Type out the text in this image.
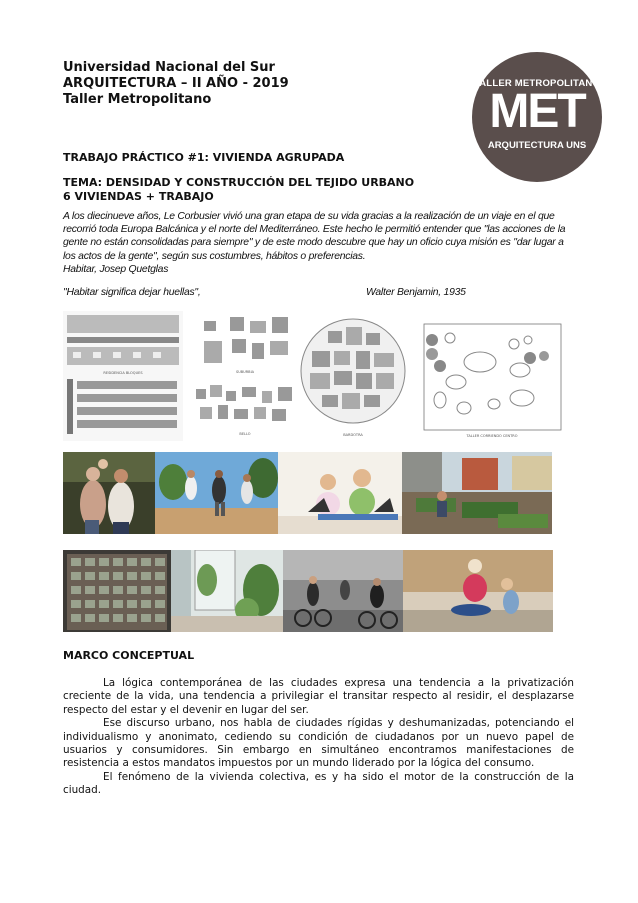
Universidad Nacional del Sur
ARQUITECTURA – II AÑO - 2019
Taller Metropolitano
TALLER METROPOLITANO
MET
ARQUITECTURA UNS
TRABAJO PRÁCTICO #1: VIVIENDA AGRUPADA
TEMA: DENSIDAD Y CONSTRUCCIÓN DEL TEJIDO URBANO
6 VIVIENDAS + TRABAJO
A los diecinueve años, Le Corbusier vivió una gran etapa de su vida gracias a la realización de un viaje en el que recorrió toda Europa Balcánica y el norte del Mediterráneo. Este hecho le permitió entender que "las acciones de la gente no están consolidadas para siempre" y de este modo descubre que hay un oficio cuya misión es "dar lugar a los actos de la gente", según sus costumbres, hábitos o preferencias.
Habitar, Josep Quetglas
"Habitar significa dejar huellas",	Walter Benjamin, 1935
RESIDENCIA BLOQUES	SUBURBIA
BELLO	BARDOTRA	TALLER CORRIENDO CENTRO
MARCO CONCEPTUAL

La lógica contemporánea de las ciudades expresa una tendencia a la privatización creciente de la vida, una tendencia a privilegiar el transitar respecto al residir, el desplazarse respecto del estar y el devenir en lugar del ser.

Ese discurso urbano, nos habla de ciudades rígidas y deshumanizadas, potenciando el individualismo y anonimato, cediendo su condición de ciudadanos por un nuevo papel de usuarios y consumidores. Sin embargo en simultáneo encontramos manifestaciones de resistencia a estos mandatos impuestos por un mundo liderado por la lógica del consumo.

El fenómeno de la vivienda colectiva, es y ha sido el motor de la construcción de la ciudad.
